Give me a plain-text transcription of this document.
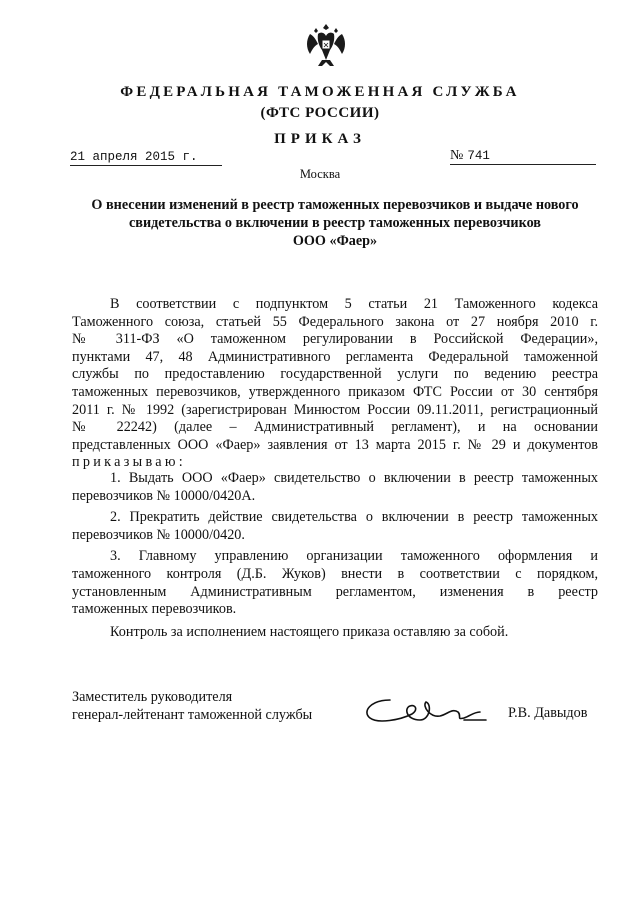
ФЕДЕРАЛЬНАЯ ТАМОЖЕННАЯ СЛУЖБА
(ФТС РОССИИ)
ПРИКАЗ
21 апреля 2015 г.	№ 741
Москва
О внесении изменений в реестр таможенных перевозчиков и выдаче нового
свидетельства о включении в реестр таможенных перевозчиков
ООО «Фаер»
В соответствии с подпунктом 5 статьи 21 Таможенного кодекса
Таможенного союза, статьей 55 Федерального закона от 27 ноября 2010 г.
№ 311-ФЗ «О таможенном регулировании в Российской Федерации»,
пунктами 47, 48 Административного регламента Федеральной таможенной
службы по предоставлению государственной услуги по ведению реестра
таможенных перевозчиков, утвержденного приказом ФТС России от 30 сентября
2011 г. № 1992 (зарегистрирован Минюстом России 09.11.2011, регистрационный
№ 22242) (далее – Административный регламент), и на основании
представленных ООО «Фаер» заявления от 13 марта 2015 г. № 29 и документов
приказываю:
1. Выдать ООО «Фаер» свидетельство о включении в реестр таможенных
перевозчиков № 10000/0420А.
2. Прекратить действие свидетельства о включении в реестр таможенных
перевозчиков № 10000/0420.
3. Главному управлению организации таможенного оформления и
таможенного контроля (Д.Б. Жуков) внести в соответствии с порядком,
установленным Административным регламентом, изменения в реестр
таможенных перевозчиков.
Контроль за исполнением настоящего приказа оставляю за собой.
Заместитель руководителя
генерал-лейтенант таможенной службы	Р.В. Давыдов
